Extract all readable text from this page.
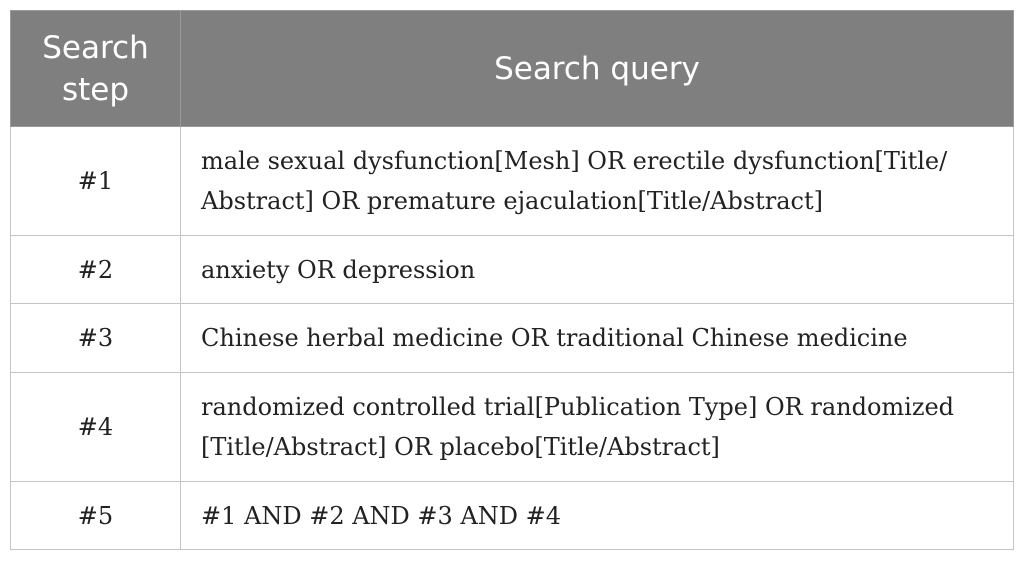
Search
step	Search query
#1	male sexual dysfunction[Mesh] OR erectile dysfunction[Title/
Abstract] OR premature ejaculation[Title/Abstract]

#2	anxiety OR depression

#3	Chinese herbal medicine OR traditional Chinese medicine

#4	randomized controlled trial[Publication Type] OR randomized
[Title/Abstract] OR placebo[Title/Abstract]

#5	#1 AND #2 AND #3 AND #4
